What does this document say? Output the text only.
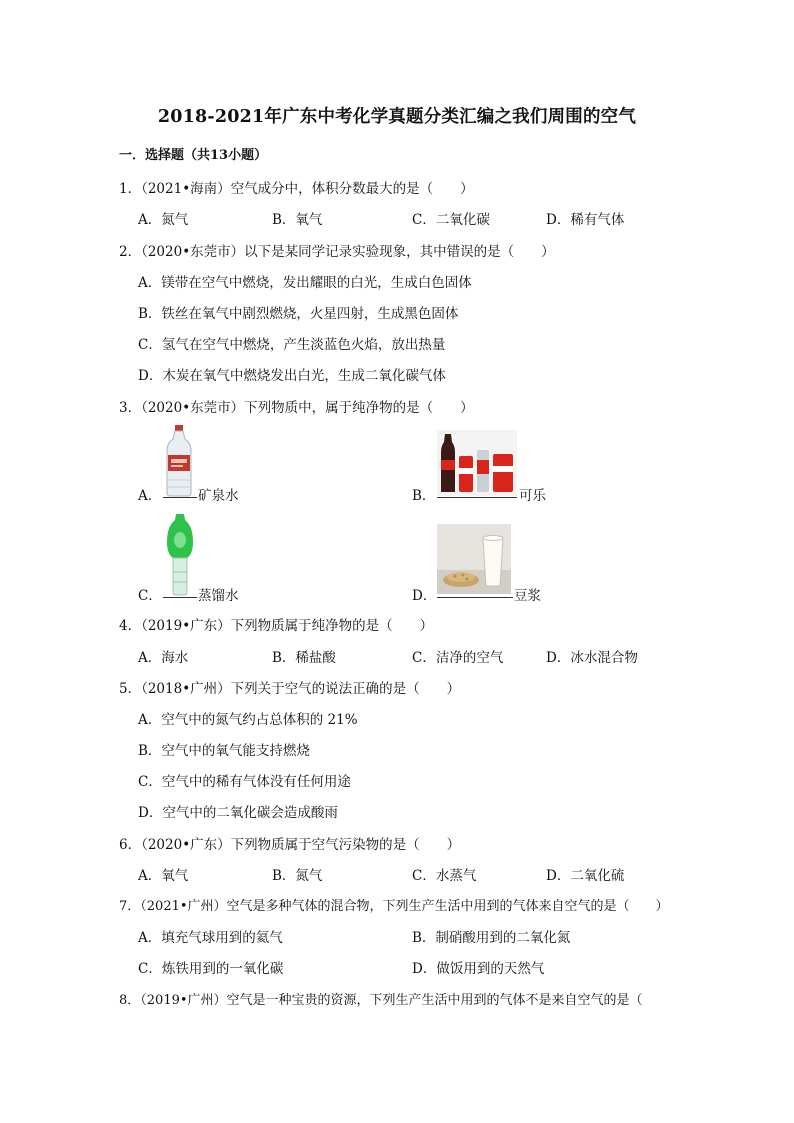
2018-2021年广东中考化学真题分类汇编之我们周围的空气
一．选择题（共13小题）
1．（2021•海南）空气成分中，体积分数最大的是（　　）
A．氮气	B．氧气	C．二氧化碳	D．稀有气体
2．（2020•东莞市）以下是某同学记录实验现象，其中错误的是（　　）
A．镁带在空气中燃烧，发出耀眼的白光，生成白色固体
B．铁丝在氧气中剧烈燃烧，火星四射，生成黑色固体
C．氢气在空气中燃烧，产生淡蓝色火焰，放出热量
D．木炭在氧气中燃烧发出白光，生成二氧化碳气体
3．（2020•东莞市）下列物质中，属于纯净物的是（　　）
A．	矿泉水	B．	可乐
C．	蒸馏水	D．	豆浆
4．（2019•广东）下列物质属于纯净物的是（　　）
A．海水	B．稀盐酸	C．洁净的空气	D．冰水混合物
5．（2018•广州）下列关于空气的说法正确的是（　　）
A．空气中的氮气约占总体积的 21%
B．空气中的氧气能支持燃烧
C．空气中的稀有气体没有任何用途
D．空气中的二氧化碳会造成酸雨
6．（2020•广东）下列物质属于空气污染物的是（　　）
A．氧气	B．氮气	C．水蒸气	D．二氧化硫
7．（2021•广州）空气是多种气体的混合物，下列生产生活中用到的气体来自空气的是（　　）
A．填充气球用到的氦气	B．制硝酸用到的二氧化氮
C．炼铁用到的一氧化碳	D．做饭用到的天然气
8．（2019•广州）空气是一种宝贵的资源，下列生产生活中用到的气体不是来自空气的是（
